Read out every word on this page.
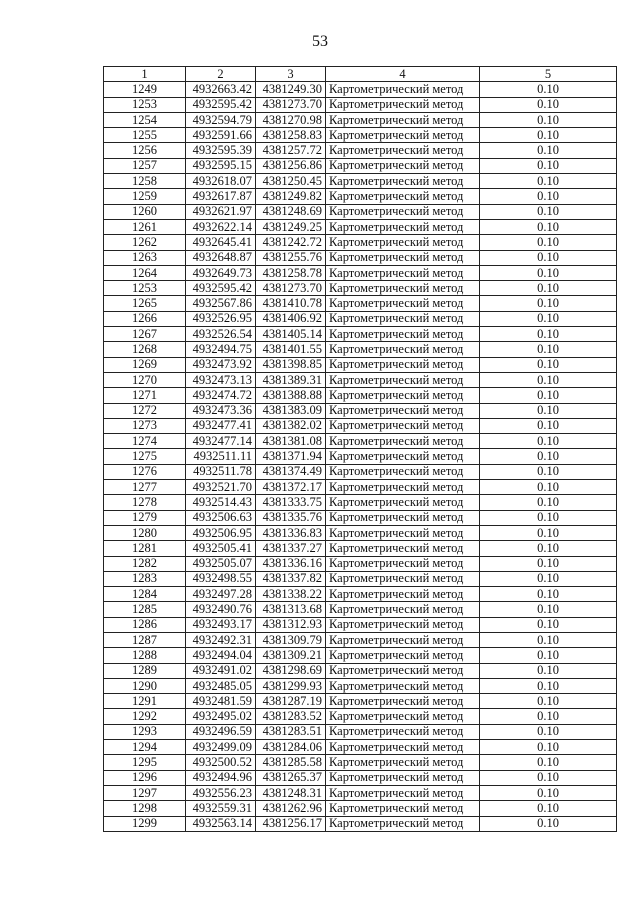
53
1	2	3	4	5
1249	4932663.42	4381249.30	Картометрический метод	0.10
1253	4932595.42	4381273.70	Картометрический метод	0.10
1254	4932594.79	4381270.98	Картометрический метод	0.10
1255	4932591.66	4381258.83	Картометрический метод	0.10
1256	4932595.39	4381257.72	Картометрический метод	0.10
1257	4932595.15	4381256.86	Картометрический метод	0.10
1258	4932618.07	4381250.45	Картометрический метод	0.10
1259	4932617.87	4381249.82	Картометрический метод	0.10
1260	4932621.97	4381248.69	Картометрический метод	0.10
1261	4932622.14	4381249.25	Картометрический метод	0.10
1262	4932645.41	4381242.72	Картометрический метод	0.10
1263	4932648.87	4381255.76	Картометрический метод	0.10
1264	4932649.73	4381258.78	Картометрический метод	0.10
1253	4932595.42	4381273.70	Картометрический метод	0.10
1265	4932567.86	4381410.78	Картометрический метод	0.10
1266	4932526.95	4381406.92	Картометрический метод	0.10
1267	4932526.54	4381405.14	Картометрический метод	0.10
1268	4932494.75	4381401.55	Картометрический метод	0.10
1269	4932473.92	4381398.85	Картометрический метод	0.10
1270	4932473.13	4381389.31	Картометрический метод	0.10
1271	4932474.72	4381388.88	Картометрический метод	0.10
1272	4932473.36	4381383.09	Картометрический метод	0.10
1273	4932477.41	4381382.02	Картометрический метод	0.10
1274	4932477.14	4381381.08	Картометрический метод	0.10
1275	4932511.11	4381371.94	Картометрический метод	0.10
1276	4932511.78	4381374.49	Картометрический метод	0.10
1277	4932521.70	4381372.17	Картометрический метод	0.10
1278	4932514.43	4381333.75	Картометрический метод	0.10
1279	4932506.63	4381335.76	Картометрический метод	0.10
1280	4932506.95	4381336.83	Картометрический метод	0.10
1281	4932505.41	4381337.27	Картометрический метод	0.10
1282	4932505.07	4381336.16	Картометрический метод	0.10
1283	4932498.55	4381337.82	Картометрический метод	0.10
1284	4932497.28	4381338.22	Картометрический метод	0.10
1285	4932490.76	4381313.68	Картометрический метод	0.10
1286	4932493.17	4381312.93	Картометрический метод	0.10
1287	4932492.31	4381309.79	Картометрический метод	0.10
1288	4932494.04	4381309.21	Картометрический метод	0.10
1289	4932491.02	4381298.69	Картометрический метод	0.10
1290	4932485.05	4381299.93	Картометрический метод	0.10
1291	4932481.59	4381287.19	Картометрический метод	0.10
1292	4932495.02	4381283.52	Картометрический метод	0.10
1293	4932496.59	4381283.51	Картометрический метод	0.10
1294	4932499.09	4381284.06	Картометрический метод	0.10
1295	4932500.52	4381285.58	Картометрический метод	0.10
1296	4932494.96	4381265.37	Картометрический метод	0.10
1297	4932556.23	4381248.31	Картометрический метод	0.10
1298	4932559.31	4381262.96	Картометрический метод	0.10
1299	4932563.14	4381256.17	Картометрический метод	0.10
